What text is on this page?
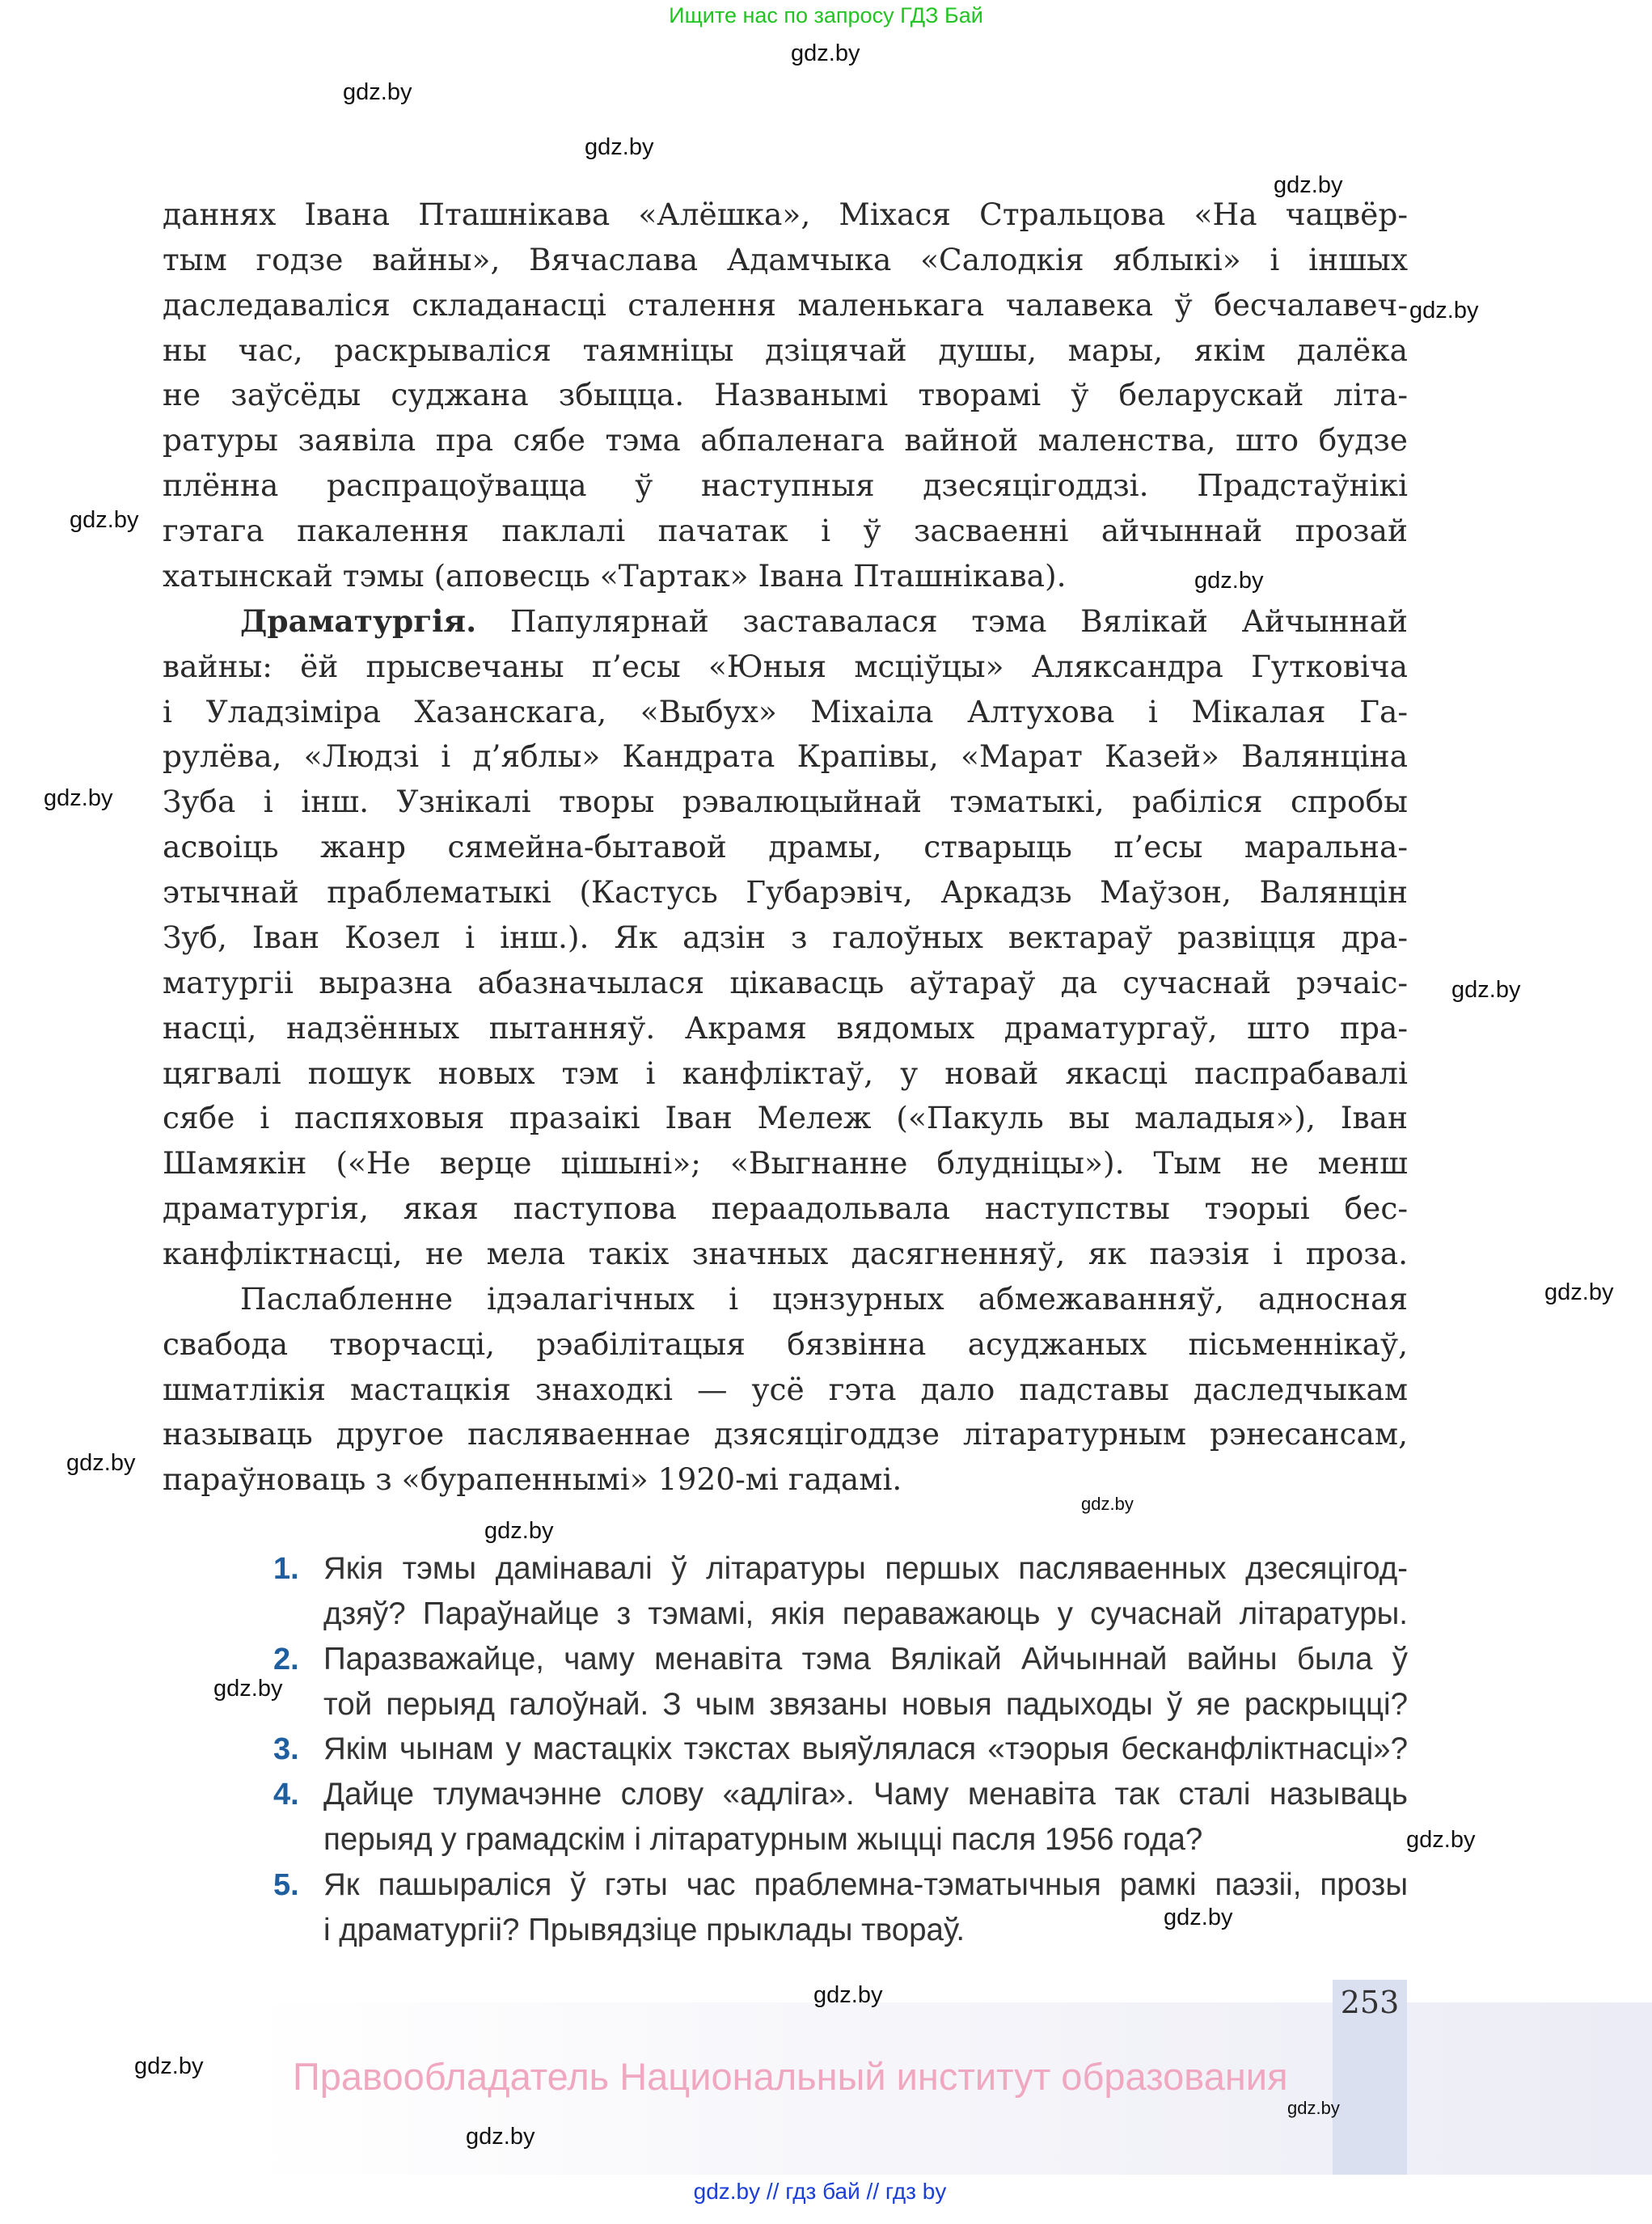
Ищите нас по запросу ГДЗ Бай
253
Правообладатель Национальный институт образования
даннях Івана Пташнікава «Алёшка», Міхася Стральцова «На чацвёр-
тым годзе вайны», Вячаслава Адамчыка «Салодкія яблыкі» і іншых
даследаваліся складанасці сталення маленькага чалавека ў бесчалавеч-
ны час, раскрываліся таямніцы дзіцячай душы, мары, якім далёка
не заўсёды суджана збыцца. Названымі творамі ў беларускай літа-
ратуры заявіла пра сябе тэма абпаленага вайной маленства, што будзе
плённа распрацоўвацца ў наступныя дзесяцігоддзі. Прадстаўнікі
гэтага пакалення паклалі пачатак і ў засваенні айчыннай прозай
хатынскай тэмы (аповесць «Тартак» Івана Пташнікава).
Драматургія. Папулярнай заставалася тэма Вялікай Айчыннай
вайны: ёй прысвечаны п’есы «Юныя мсціўцы» Аляксандра Гутковіча
і Уладзіміра Хазанскага, «Выбух» Міхаіла Алтухова і Мікалая Га-
рулёва, «Людзі і д’яблы» Кандрата Крапівы, «Марат Казей» Валянціна
Зуба і інш. Узнікалі творы рэвалюцыйнай тэматыкі, рабіліся спробы
асвоіць жанр сямейна-бытавой драмы, стварыць п’есы маральна-
этычнай праблематыкі (Кастусь Губарэвіч, Аркадзь Маўзон, Валянцін
Зуб, Іван Козел і інш.). Як адзін з галоўных вектараў развіцця дра-
матургіі выразна абазначылася цікавасць аўтараў да сучаснай рэчаіс-
насці, надзённых пытанняў. Акрамя вядомых драматургаў, што пра-
цягвалі пошук новых тэм і канфліктаў, у новай якасці паспрабавалі
сябе і паспяховыя празаікі Іван Мележ («Пакуль вы маладыя»), Іван
Шамякін («Не верце цішыні»; «Выгнанне блудніцы»). Тым не менш
драматургія, якая паступова пераадольвала наступствы тэорыі бес-
канфліктнасці, не мела такіх значных дасягненняў, як паэзія і проза.
Паслабленне ідэалагічных і цэнзурных абмежаванняў, адносная
свабода творчасці, рэабілітацыя бязвінна асуджаных пісьменнікаў,
шматлікія мастацкія знаходкі — усё гэта дало падставы даследчыкам
называць другое пасляваеннае дзясяцігоддзе літаратурным рэнесансам,
параўноваць з «бурапеннымі» 1920-мі гадамі.
1. Якія тэмы дамінавалі ў літаратуры першых пасляваенных дзесяцігод-
дзяў? Параўнайце з тэмамі, якія пераважаюць у сучаснай літаратуры.
2. Паразважайце, чаму менавіта тэма Вялікай Айчыннай вайны была ў
той перыяд галоўнай. З чым звязаны новыя падыходы ў яе раскрыцці?
3. Якім чынам у мастацкіх тэкстах выяўлялася «тэорыя бесканфліктнасці»?
4. Дайце тлумачэнне слову «адліга». Чаму менавіта так сталі называць
перыяд у грамадскім і літаратурным жыцці пасля 1956 года?
5. Як пашыраліся ў гэты час праблемна-тэматычныя рамкі паэзіі, прозы
і драматургіі? Прывядзіце прыклады твораў.
gdz.by
gdz.by
gdz.by
gdz.by
gdz.by
gdz.by
gdz.by
gdz.by
gdz.by
gdz.by
gdz.by
gdz.by
gdz.by
gdz.by
gdz.by
gdz.by
gdz.by
gdz.by
gdz.by
gdz.by
gdz.by // гдз бай // гдз by
